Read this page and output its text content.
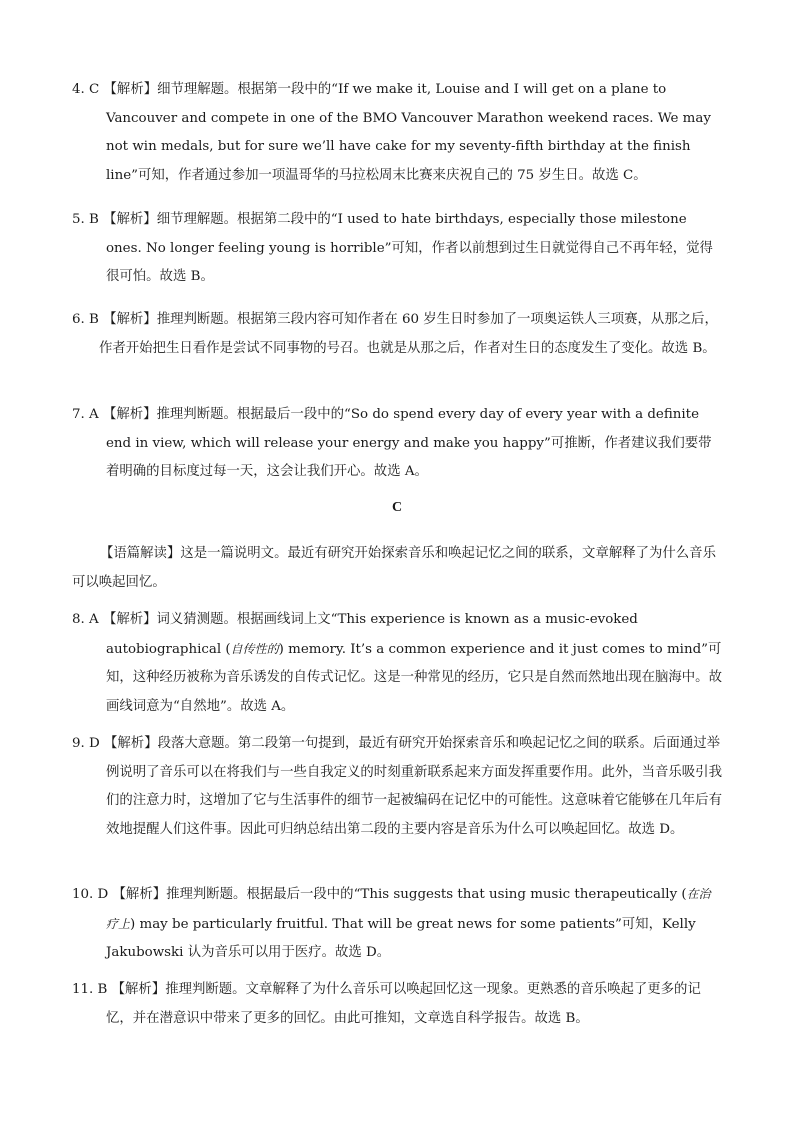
4. C 【解析】细节理解题。根据第一段中的“If we make it, Louise and I will get on a plane to Vancouver and compete in one of the BMO Vancouver Marathon weekend races. We may not win medals, but for sure we’ll have cake for my seventy-fifth birthday at the finish line”可知，作者通过参加一项温哥华的马拉松周末比赛来庆祝自己的 75 岁生日。故选 C。
5. B 【解析】细节理解题。根据第二段中的“I used to hate birthdays, especially those milestone ones. No longer feeling young is horrible”可知，作者以前想到过生日就觉得自己不再年轻，觉得很可怕。故选 B。
6. B 【解析】推理判断题。根据第三段内容可知作者在 60 岁生日时参加了一项奥运铁人三项赛，从那之后，作者开始把生日看作是尝试不同事物的号召。也就是从那之后，作者对生日的态度发生了变化。故选 B。
7. A 【解析】推理判断题。根据最后一段中的“So do spend every day of every year with a definite end in view, which will release your energy and make you happy”可推断，作者建议我们要带着明确的目标度过每一天，这会让我们开心。故选 A。
C
【语篇解读】这是一篇说明文。最近有研究开始探索音乐和唤起记忆之间的联系，文章解释了为什么音乐可以唤起回忆。
8. A 【解析】词义猜测题。根据画线词上文“This experience is known as a music-evoked autobiographical (自传性的) memory. It’s a common experience and it just comes to mind”可知，这种经历被称为音乐诱发的自传式记忆。这是一种常见的经历，它只是自然而然地出现在脑海中。故画线词意为“自然地”。故选 A。
9. D 【解析】段落大意题。第二段第一句提到，最近有研究开始探索音乐和唤起记忆之间的联系。后面通过举例说明了音乐可以在将我们与一些自我定义的时刻重新联系起来方面发挥重要作用。此外，当音乐吸引我们的注意力时，这增加了它与生活事件的细节一起被编码在记忆中的可能性。这意味着它能够在几年后有效地提醒人们这件事。因此可归纳总结出第二段的主要内容是音乐为什么可以唤起回忆。故选 D。
10. D 【解析】推理判断题。根据最后一段中的“This suggests that using music therapeutically (在治疗上) may be particularly fruitful. That will be great news for some patients”可知，Kelly Jakubowski 认为音乐可以用于医疗。故选 D。
11. B 【解析】推理判断题。文章解释了为什么音乐可以唤起回忆这一现象。更熟悉的音乐唤起了更多的记忆，并在潜意识中带来了更多的回忆。由此可推知，文章选自科学报告。故选 B。
